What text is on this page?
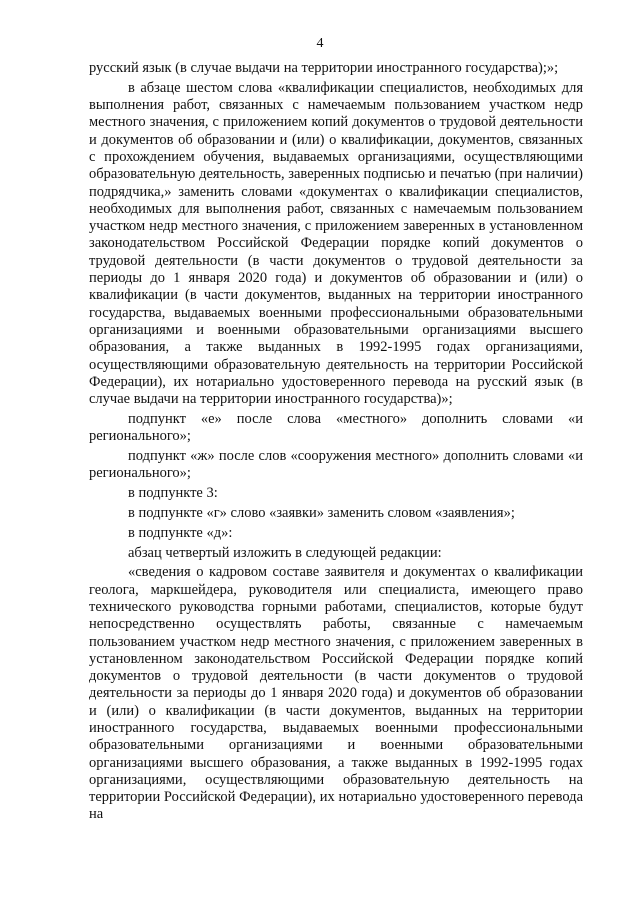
4

русский язык (в случае выдачи на территории иностранного государства);»;

в абзаце шестом слова «квалификации специалистов, необходимых для выполнения работ, связанных с намечаемым пользованием участком недр местного значения, с приложением копий документов о трудовой деятельности и документов об образовании и (или) о квалификации, документов, связанных с прохождением обучения, выдаваемых организациями, осуществляющими образовательную деятельность, заверенных подписью и печатью (при наличии) подрядчика,» заменить словами «документах о квалификации специалистов, необходимых для выполнения работ, связанных с намечаемым пользованием участком недр местного значения, с приложением заверенных в установленном законодательством Российской Федерации порядке копий документов о трудовой деятельности (в части документов о трудовой деятельности за периоды до 1 января 2020 года) и документов об образовании и (или) о квалификации (в части документов, выданных на территории иностранного государства, выдаваемых военными профессиональными образовательными организациями и военными образовательными организациями высшего образования, а также выданных в 1992-1995 годах организациями, осуществляющими образовательную деятельность на территории Российской Федерации), их нотариально удостоверенного перевода на русский язык (в случае выдачи на территории иностранного государства)»;

подпункт «е» после слова «местного» дополнить словами «и регионального»;

подпункт «ж» после слов «сооружения местного» дополнить словами «и регионального»;

в подпункте 3:

в подпункте «г» слово «заявки» заменить словом «заявления»;

в подпункте «д»:

абзац четвертый изложить в следующей редакции:

«сведения о кадровом составе заявителя и документах о квалификации геолога, маркшейдера, руководителя или специалиста, имеющего право технического руководства горными работами, специалистов, которые будут непосредственно осуществлять работы, связанные с намечаемым пользованием участком недр местного значения, с приложением заверенных в установленном законодательством Российской Федерации порядке копий документов о трудовой деятельности (в части документов о трудовой деятельности за периоды до 1 января 2020 года) и документов об образовании и (или) о квалификации (в части документов, выданных на территории иностранного государства, выдаваемых военными профессиональными образовательными организациями и военными образовательными организациями высшего образования, а также выданных в 1992-1995 годах организациями, осуществляющими образовательную деятельность на территории Российской Федерации), их нотариально удостоверенного перевода на
